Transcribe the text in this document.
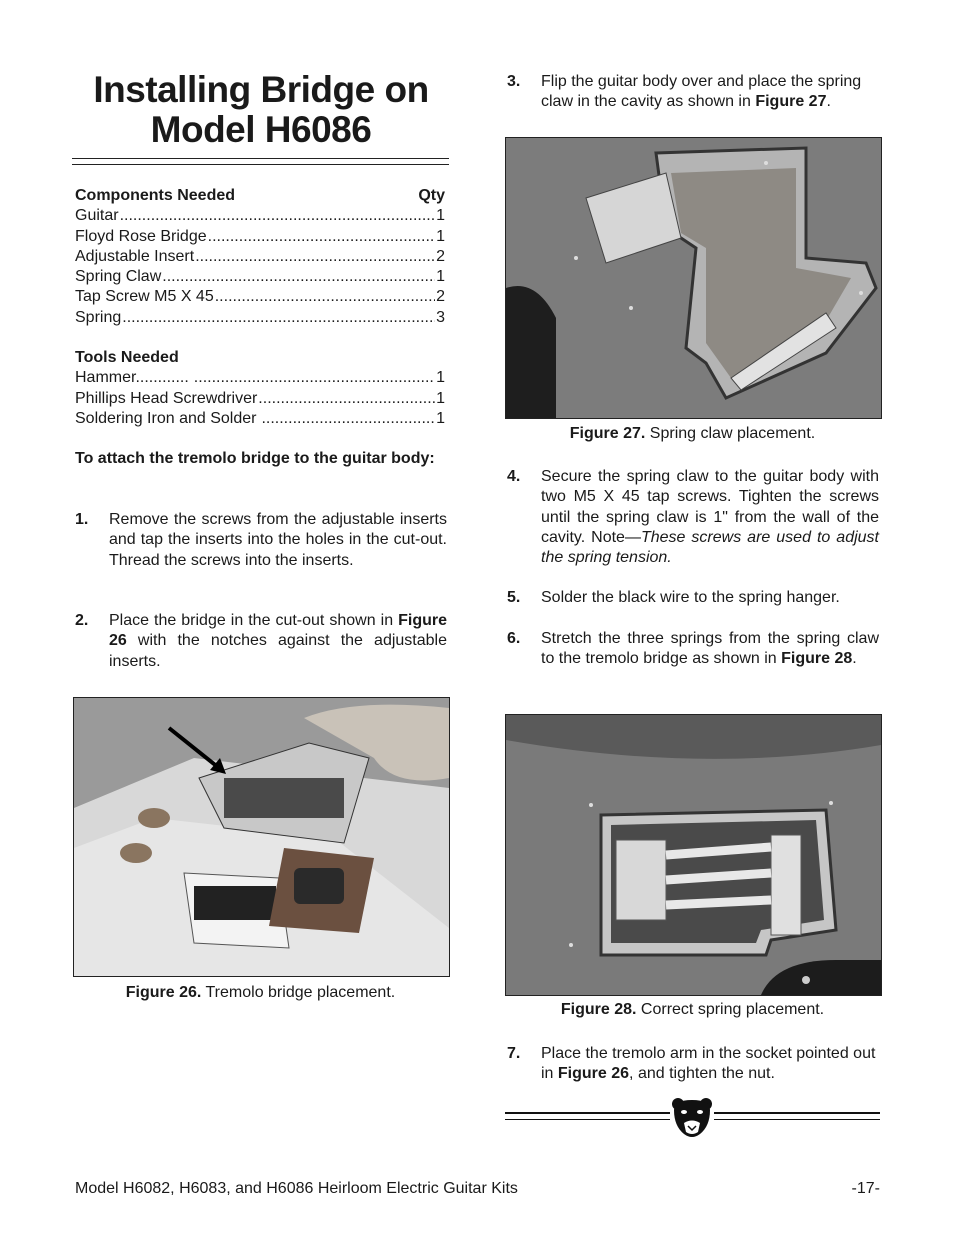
Installing Bridge on
Model H6086
Components Needed	Qty
Guitar .....	1
Floyd Rose Bridge .....	1
Adjustable Insert .....	2
Spring Claw .....	1
Tap Screw M5 X 45 .....	2
Spring .....	3
Tools Needed
Hammer............ .....	1
Phillips Head Screwdriver .....	1
Soldering Iron and Solder .....	1
To attach the tremolo bridge to the guitar body:
1.	Remove the screws from the adjustable inserts and tap the inserts into the holes in the cut-out. Thread the screws into the inserts.
2.	Place the bridge in the cut-out shown in Figure 26 with the notches against the adjustable inserts.
Figure 26. Tremolo bridge placement.
3.	Flip the guitar body over and place the spring claw in the cavity as shown in Figure 27.
Figure 27. Spring claw placement.
4.	Secure the spring claw to the guitar body with two M5 X 45 tap screws. Tighten the screws until the spring claw is 1" from the wall of the cavity. Note—These screws are used to adjust the spring tension.
5.	Solder the black wire to the spring hanger.
6.	Stretch the three springs from the spring claw to the tremolo bridge as shown in Figure 28.
Figure 28. Correct spring placement.
7.	Place the tremolo arm in the socket pointed out in Figure 26, and tighten the nut.
Model H6082, H6083, and H6086 Heirloom Electric Guitar Kits	-17-
